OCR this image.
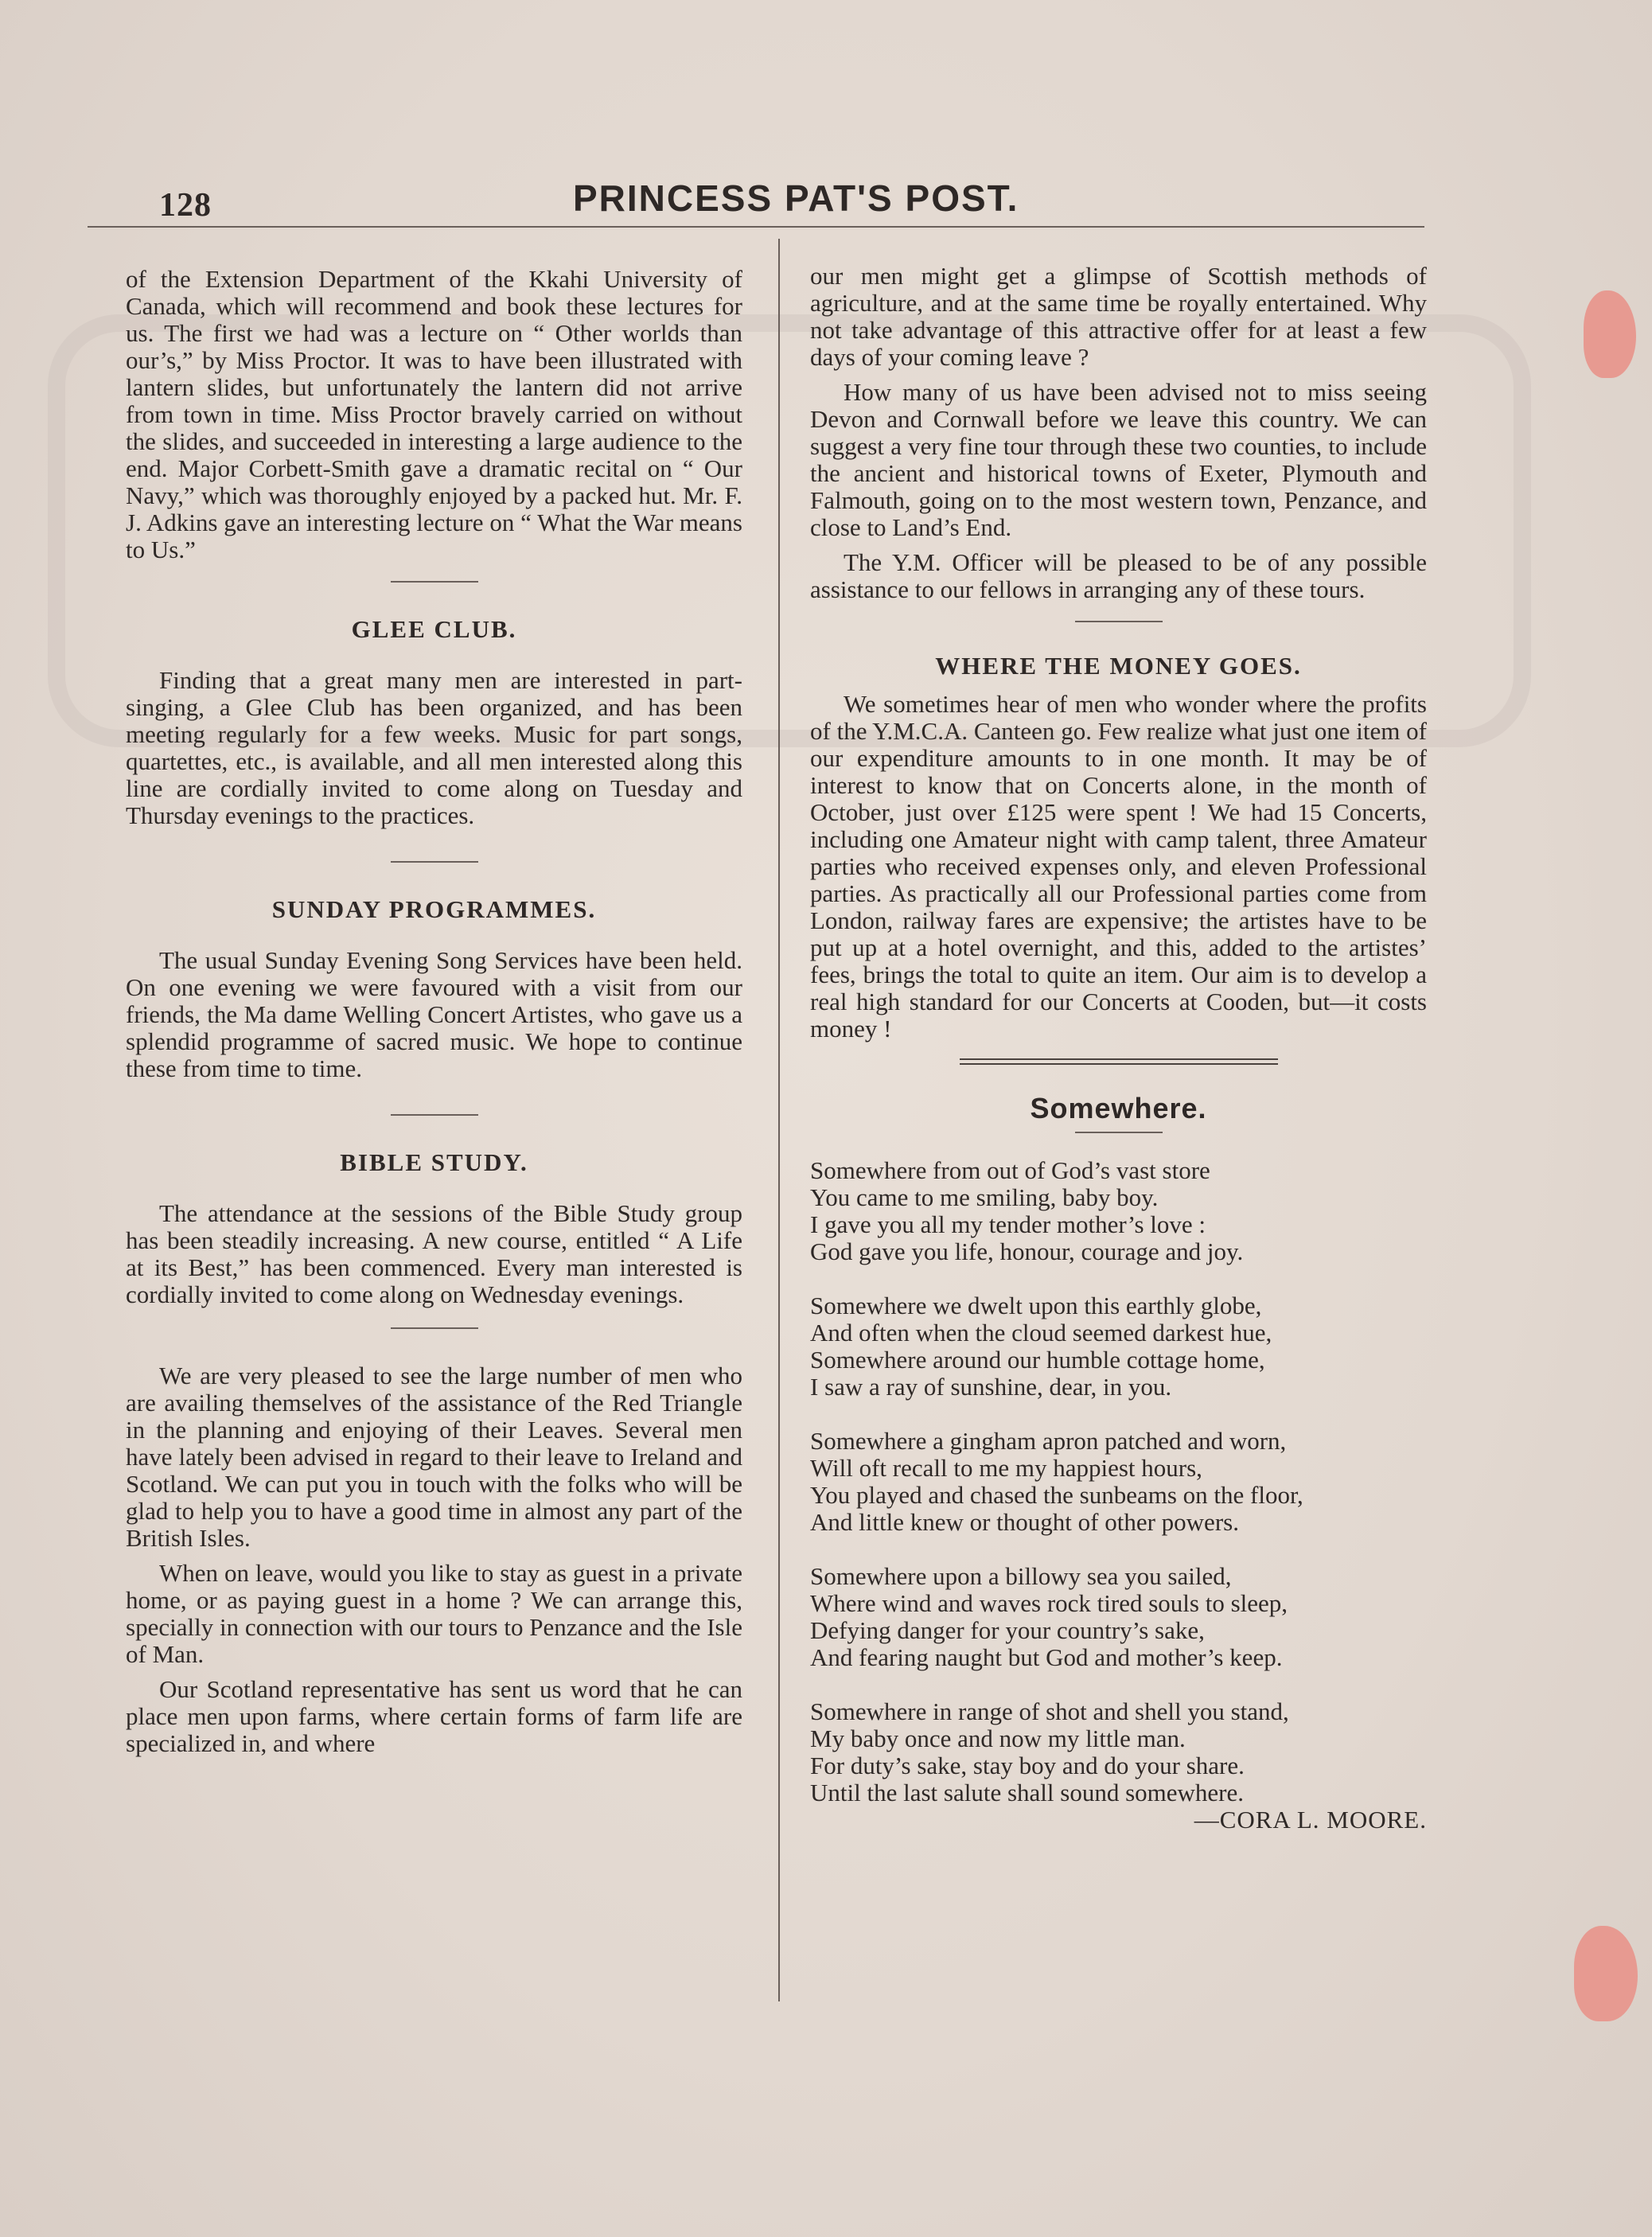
128	PRINCESS PAT'S POST.

of the Extension Department of the Kkahi University of Canada, which will recommend and book these lectures for us. The first we had was a lecture on “ Other worlds than our’s,” by Miss Proctor. It was to have been illustrated with lantern slides, but unfortunately the lantern did not arrive from town in time. Miss Proctor bravely carried on without the slides, and succeeded in interesting a large audience to the end. Major Corbett-Smith gave a dramatic recital on “ Our Navy,” which was thoroughly enjoyed by a packed hut. Mr. F. J. Adkins gave an interesting lecture on “ What the War means to Us.”

GLEE CLUB.

Finding that a great many men are interested in part-singing, a Glee Club has been organized, and has been meeting regularly for a few weeks. Music for part songs, quartettes, etc., is available, and all men interested along this line are cordially invited to come along on Tuesday and Thursday evenings to the practices.

SUNDAY PROGRAMMES.

The usual Sunday Evening Song Services have been held. On one evening we were favoured with a visit from our friends, the Ma dame Welling Concert Artistes, who gave us a splendid programme of sacred music. We hope to continue these from time to time.

BIBLE STUDY.

The attendance at the sessions of the Bible Study group has been steadily increasing. A new course, entitled “ A Life at its Best,” has been commenced. Every man interested is cordially invited to come along on Wednesday evenings.

We are very pleased to see the large number of men who are availing themselves of the assistance of the Red Triangle in the planning and enjoying of their Leaves. Several men have lately been advised in regard to their leave to Ireland and Scotland. We can put you in touch with the folks who will be glad to help you to have a good time in almost any part of the British Isles.

When on leave, would you like to stay as guest in a private home, or as paying guest in a home ? We can arrange this, specially in connection with our tours to Penzance and the Isle of Man.

Our Scotland representative has sent us word that he can place men upon farms, where certain forms of farm life are specialized in, and where

our men might get a glimpse of Scottish methods of agriculture, and at the same time be royally entertained. Why not take advantage of this attractive offer for at least a few days of your coming leave ?

How many of us have been advised not to miss seeing Devon and Cornwall before we leave this country. We can suggest a very fine tour through these two counties, to include the ancient and historical towns of Exeter, Plymouth and Falmouth, going on to the most western town, Penzance, and close to Land’s End.

The Y.M. Officer will be pleased to be of any possible assistance to our fellows in arranging any of these tours.

WHERE THE MONEY GOES.

We sometimes hear of men who wonder where the profits of the Y.M.C.A. Canteen go. Few realize what just one item of our expenditure amounts to in one month. It may be of interest to know that on Concerts alone, in the month of October, just over £125 were spent ! We had 15 Concerts, including one Amateur night with camp talent, three Amateur parties who received expenses only, and eleven Professional parties. As practically all our Professional parties come from London, railway fares are expensive; the artistes have to be put up at a hotel overnight, and this, added to the artistes’ fees, brings the total to quite an item. Our aim is to develop a real high standard for our Concerts at Cooden, but—it costs money !

Somewhere.
Somewhere from out of God’s vast store
You came to me smiling, baby boy.
I gave you all my tender mother’s love :
God gave you life, honour, courage and joy.
Somewhere we dwelt upon this earthly globe,
And often when the cloud seemed darkest hue,
Somewhere around our humble cottage home,
I saw a ray of sunshine, dear, in you.
Somewhere a gingham apron patched and worn,
Will oft recall to me my happiest hours,
You played and chased the sunbeams on the floor,
And little knew or thought of other powers.
Somewhere upon a billowy sea you sailed,
Where wind and waves rock tired souls to sleep,
Defying danger for your country’s sake,
And fearing naught but God and mother’s keep.
Somewhere in range of shot and shell you stand,
My baby once and now my little man.
For duty’s sake, stay boy and do your share.
Until the last salute shall sound somewhere.
—CORA L. MOORE.
